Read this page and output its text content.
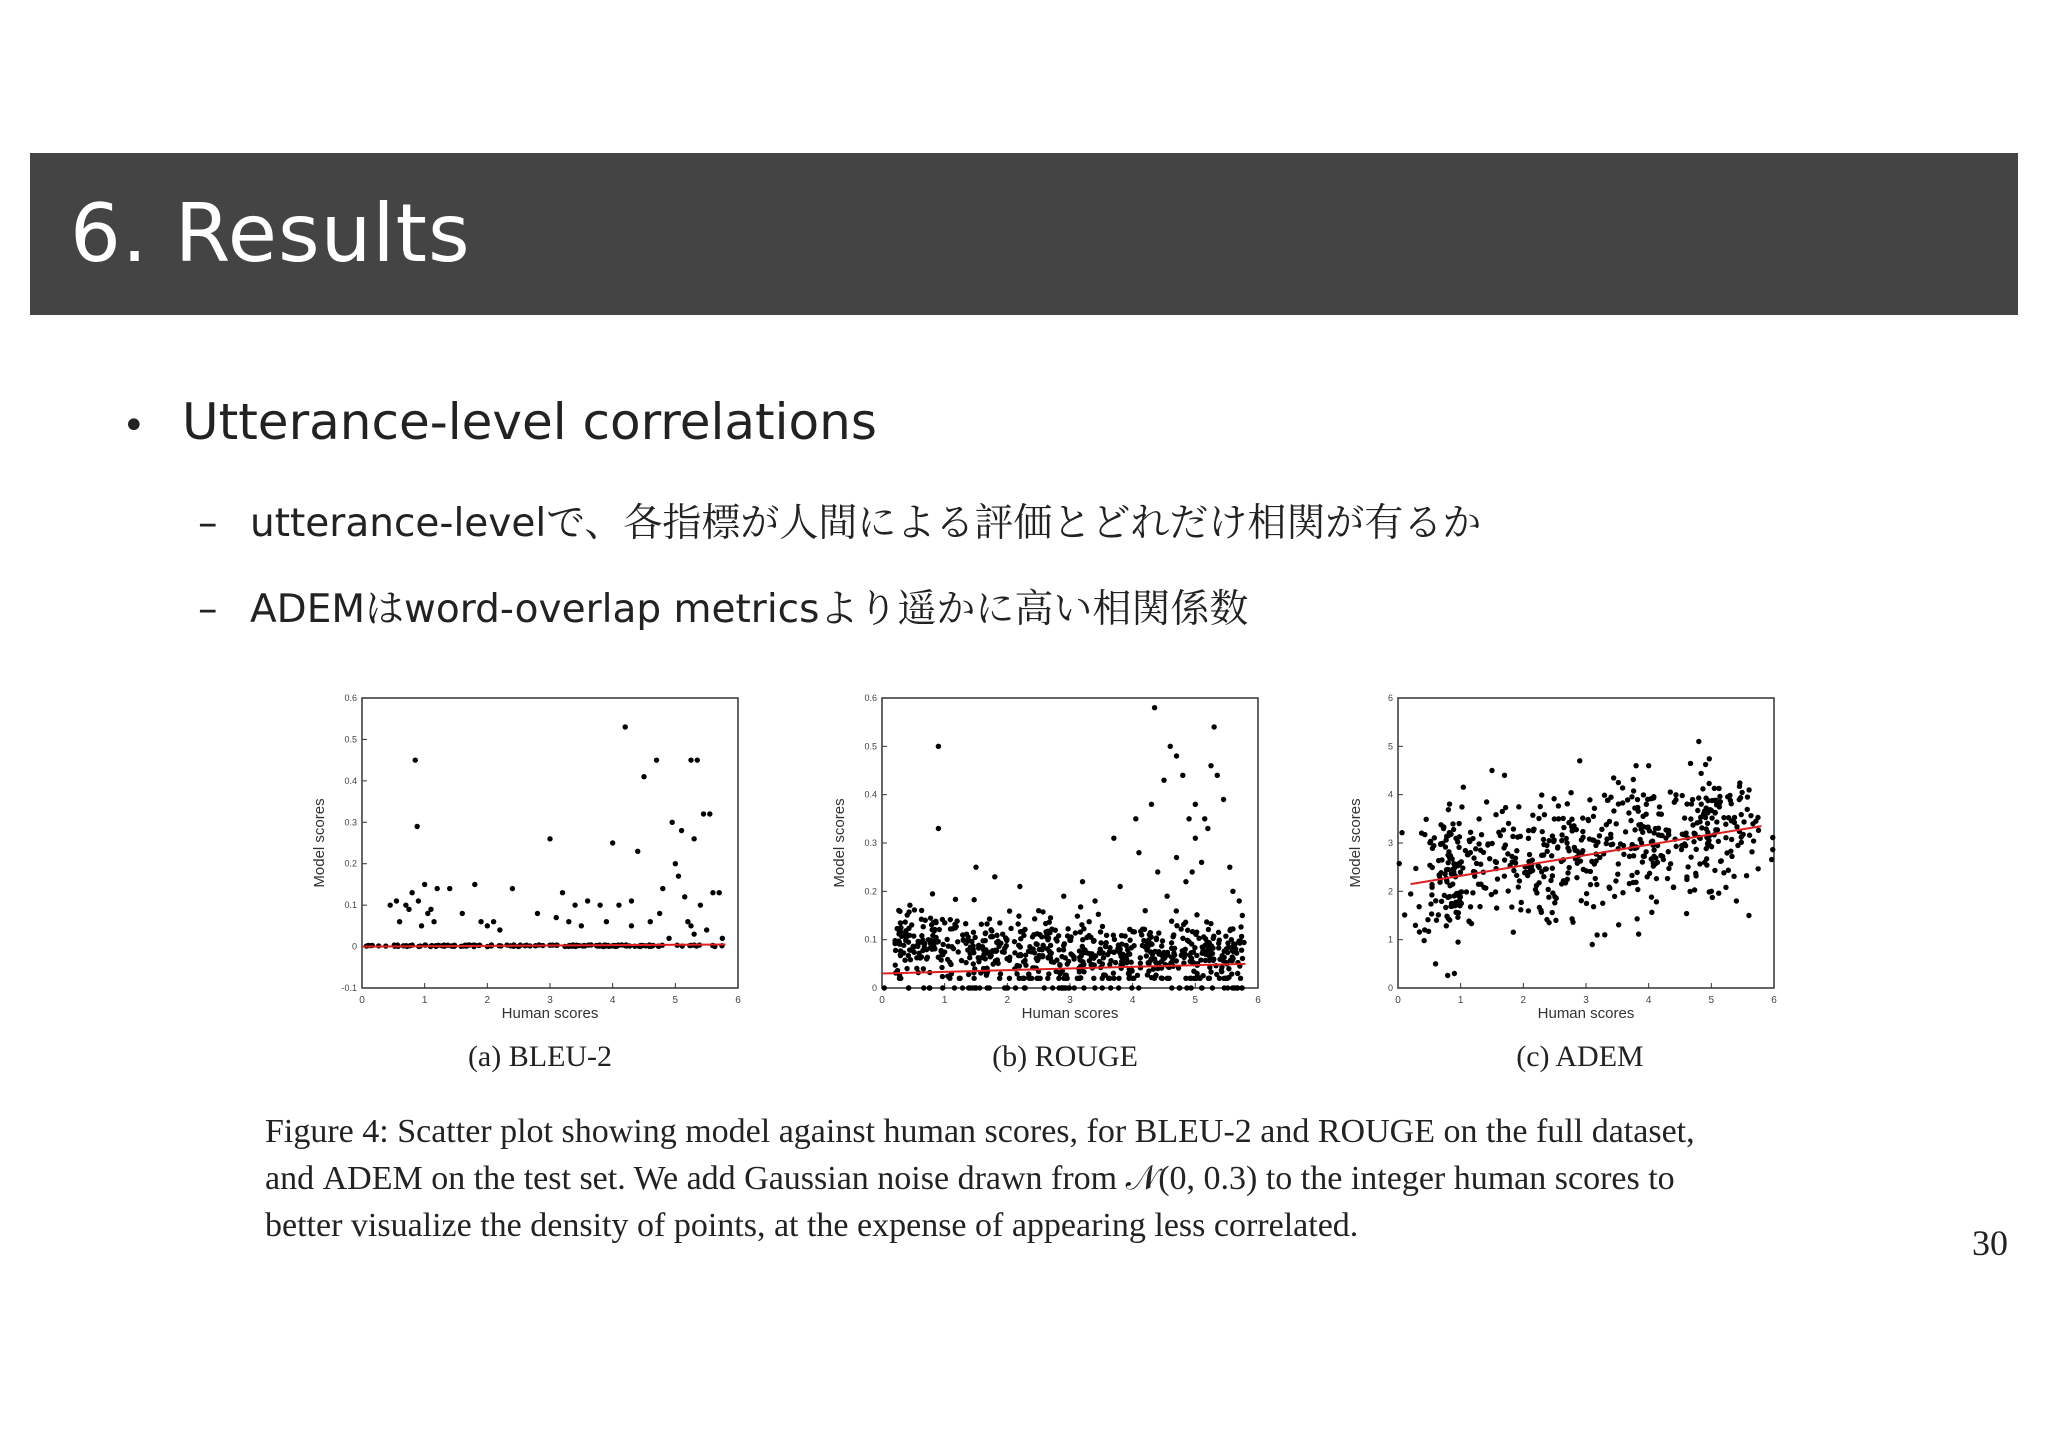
6. Results
• Utterance-level correlations
– utterance-levelで、各指標が人間による評価とどれだけ相関が有るか
– ADEMはword-overlap metricsより遥かに高い相関係数
0	1	2	3	4	5	6
-0.1
0
0.1
0.2
0.3
0.4
0.5
0.6
Human scores
Model scores
0	1	2	3	4	5	6
0
0.1
0.2
0.3
0.4
0.5
0.6
Human scores
Model scores
0	1	2	3	4	5	6
0
1
2
3
4
5
6
Human scores
Model scores
(a) BLEU-2	(b) ROUGE	(c) ADEM

Figure 4: Scatter plot showing model against human scores, for BLEU-2 and ROUGE on the full dataset,

and ADEM on the test set. We add Gaussian noise drawn from 𝒩(0, 0.3) to the integer human scores to

better visualize the density of points, at the expense of appearing less correlated.	30
